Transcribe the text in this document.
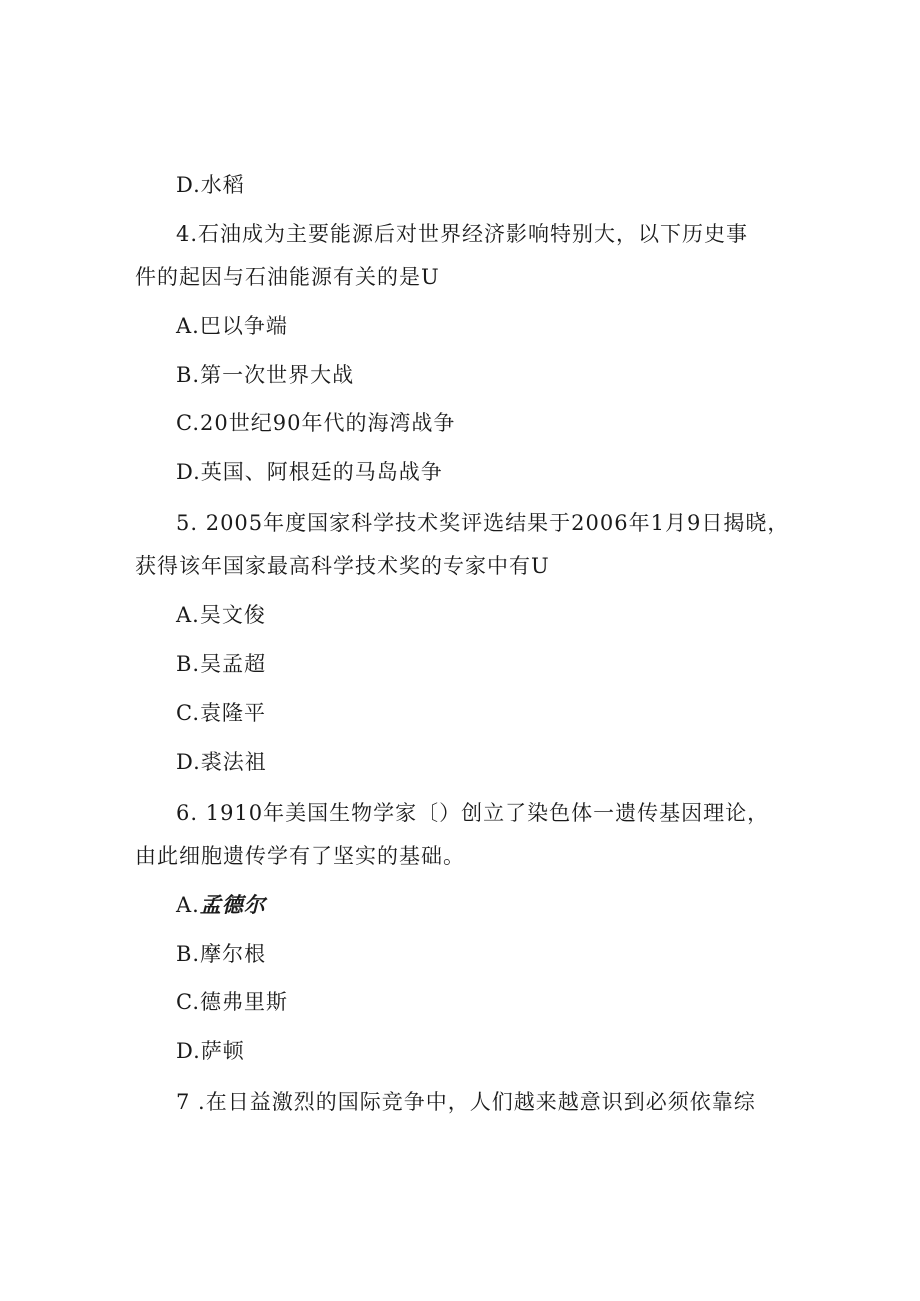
D.水稻
4.石油成为主要能源后对世界经济影响特别大，以下历史事
件的起因与石油能源有关的是U
A.巴以争端
B.第一次世界大战
C.20世纪90年代的海湾战争
D.英国、阿根廷的马岛战争
5. 2005年度国家科学技术奖评选结果于2006年1月9日揭晓，
获得该年国家最高科学技术奖的专家中有U
A.吴文俊
B.吴孟超
C.袁隆平
D.裘法祖
6. 1910年美国生物学家〔）创立了染色体一遗传基因理论，
由此细胞遗传学有了坚实的基础。
A.孟德尔
B.摩尔根
C.德弗里斯
D.萨顿
7 .在日益激烈的国际竞争中，人们越来越意识到必须依靠综
